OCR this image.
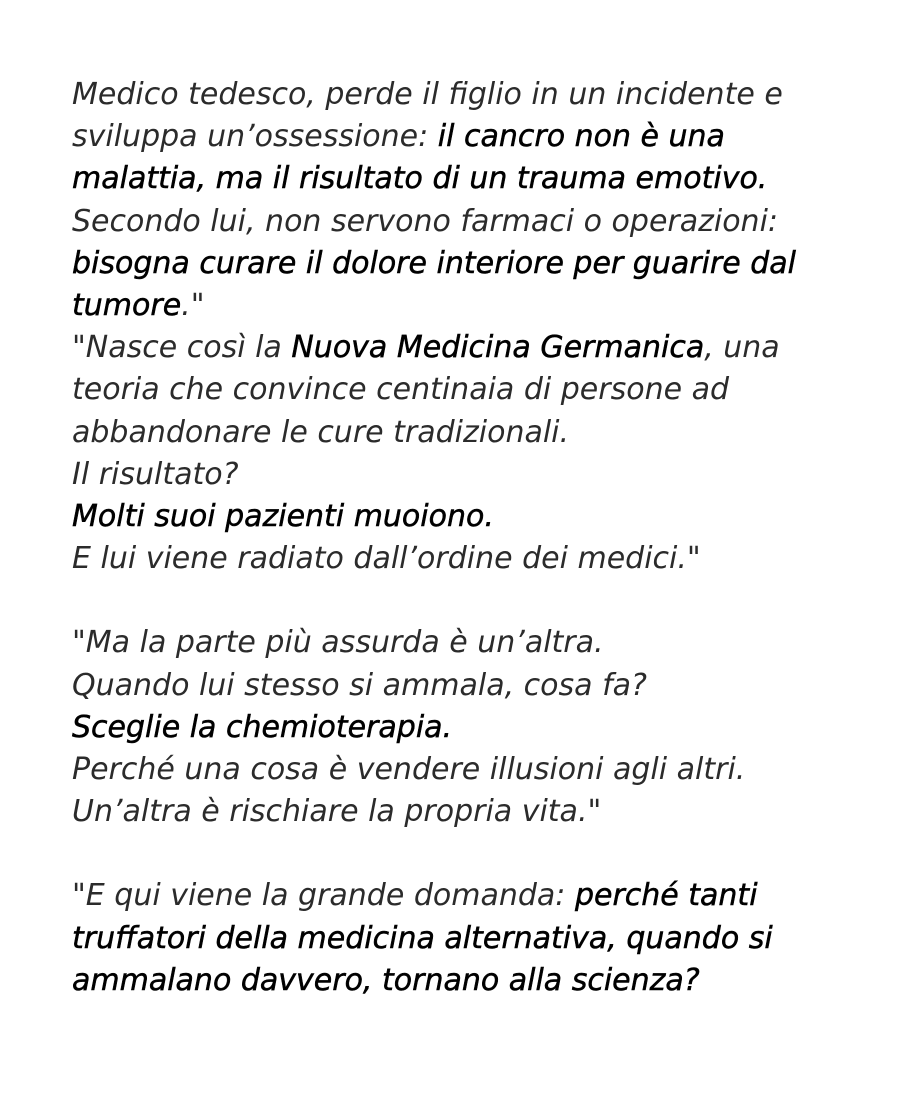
Medico tedesco, perde il figlio in un incidente e
sviluppa un’ossessione: il cancro non è una
malattia, ma il risultato di un trauma emotivo.
Secondo lui, non servono farmaci o operazioni:
bisogna curare il dolore interiore per guarire dal
tumore."
"Nasce così la Nuova Medicina Germanica, una
teoria che convince centinaia di persone ad
abbandonare le cure tradizionali.
Il risultato?
Molti suoi pazienti muoiono.
E lui viene radiato dall’ordine dei medici."

"Ma la parte più assurda è un’altra.
Quando lui stesso si ammala, cosa fa?
Sceglie la chemioterapia.
Perché una cosa è vendere illusioni agli altri.
Un’altra è rischiare la propria vita."

"E qui viene la grande domanda: perché tanti
truffatori della medicina alternativa, quando si
ammalano davvero, tornano alla scienza?
